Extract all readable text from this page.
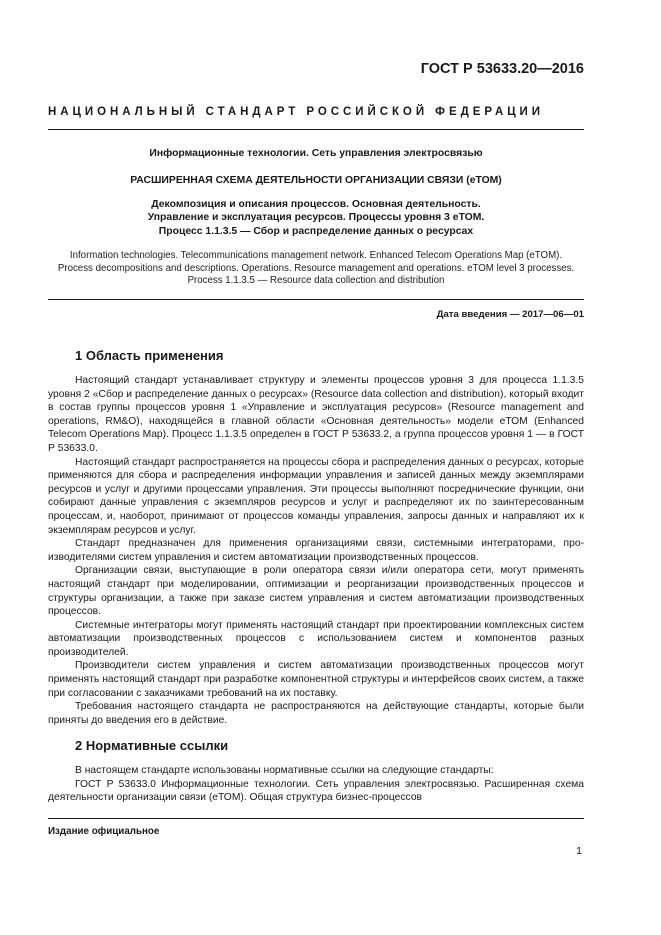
ГОСТ Р 53633.20—2016
НАЦИОНАЛЬНЫЙ СТАНДАРТ РОССИЙСКОЙ ФЕДЕРАЦИИ
Информационные технологии. Сеть управления электросвязью
РАСШИРЕННАЯ СХЕМА ДЕЯТЕЛЬНОСТИ ОРГАНИЗАЦИИ СВЯЗИ (еТОМ)
Декомпозиция и описания процессов. Основная деятельность.
Управление и эксплуатация ресурсов. Процессы уровня 3 еТОМ.
Процесс 1.1.3.5 — Сбор и распределение данных о ресурсах
Information technologies. Telecommunications management network. Enhanced Telecom Operations Map (eTOM).
Process decompositions and descriptions. Operations. Resource management and operations. eTOM level 3 processes.
Process 1.1.3.5 — Resource data collection and distribution
Дата введения — 2017—06—01
1 Область применения

Настоящий стандарт устанавливает структуру и элементы процессов уровня 3 для процесса 1.1.3.5 уровня 2 «Сбор и распределение данных о ресурсах» (Resource data collection and distribution), который входит в состав группы процессов уровня 1 «Управление и эксплуатация ресурсов» (Resource management and operations, RM&O), находящейся в главной области «Основная деятельность» модели еТОМ (Enhanced Telecom Operations Map). Процесс 1.1.3.5 определен в ГОСТ Р 53633.2, а группа процессов уровня 1 — в ГОСТ Р 53633.0.

Настоящий стандарт распространяется на процессы сбора и распределения данных о ресурсах, которые применяются для сбора и распределения информации управления и записей данных между экземплярами ресурсов и услуг и другими процессами управления. Эти процессы выполняют посреднические функции, они собирают данные управления с экземпляров ресурсов и услуг и распределяют их по заинтересованным процессам, и, наоборот, принимают от процессов команды управления, запросы данных и направляют их к экземплярам ресурсов и услуг.

Стандарт предназначен для применения организациями связи, системными интеграторами, производителями систем управления и систем автоматизации производственных процессов.

Организации связи, выступающие в роли оператора связи и/или оператора сети, могут применять настоящий стандарт при моделировании, оптимизации и реорганизации производственных процессов и структуры организации, а также при заказе систем управления и систем автоматизации производственных процессов.

Системные интеграторы могут применять настоящий стандарт при проектировании комплексных систем автоматизации производственных процессов с использованием систем и компонентов разных производителей.

Производители систем управления и систем автоматизации производственных процессов могут применять настоящий стандарт при разработке компонентной структуры и интерфейсов своих систем, а также при согласовании с заказчиками требований на их поставку.

Требования настоящего стандарта не распространяются на действующие стандарты, которые были приняты до введения его в действие.

2 Нормативные ссылки

В настоящем стандарте использованы нормативные ссылки на следующие стандарты:

ГОСТ Р 53633.0 Информационные технологии. Сеть управления электросвязью. Расширенная схема деятельности организации связи (еТОМ). Общая структура бизнес-процессов

Издание официальное
1
